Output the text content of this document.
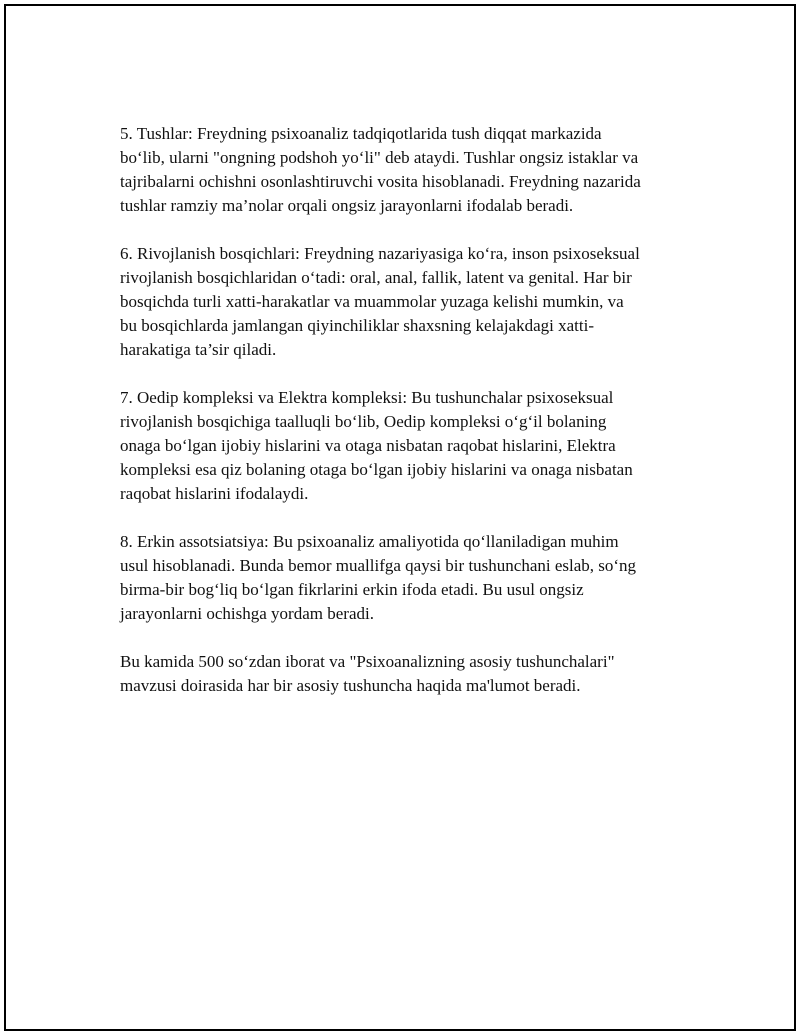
5. Tushlar: Freydning psixoanaliz tadqiqotlarida tush diqqat markazida
bo‘lib, ularni "ongning podshoh yo‘li" deb ataydi. Tushlar ongsiz istaklar va
tajribalarni ochishni osonlashtiruvchi vosita hisoblanadi. Freydning nazarida
tushlar ramziy ma’nolar orqali ongsiz jarayonlarni ifodalab beradi.

6. Rivojlanish bosqichlari: Freydning nazariyasiga ko‘ra, inson psixoseksual
rivojlanish bosqichlaridan o‘tadi: oral, anal, fallik, latent va genital. Har bir
bosqichda turli xatti-harakatlar va muammolar yuzaga kelishi mumkin, va
bu bosqichlarda jamlangan qiyinchiliklar shaxsning kelajakdagi xatti-
harakatiga ta’sir qiladi.

7. Oedip kompleksi va Elektra kompleksi: Bu tushunchalar psixoseksual
rivojlanish bosqichiga taalluqli bo‘lib, Oedip kompleksi o‘g‘il bolaning
onaga bo‘lgan ijobiy hislarini va otaga nisbatan raqobat hislarini, Elektra
kompleksi esa qiz bolaning otaga bo‘lgan ijobiy hislarini va onaga nisbatan
raqobat hislarini ifodalaydi.

8. Erkin assotsiatsiya: Bu psixoanaliz amaliyotida qo‘llaniladigan muhim
usul hisoblanadi. Bunda bemor muallifga qaysi bir tushunchani eslab, so‘ng
birma-bir bog‘liq bo‘lgan fikrlarini erkin ifoda etadi. Bu usul ongsiz
jarayonlarni ochishga yordam beradi.

Bu kamida 500 so‘zdan iborat va "Psixoanalizning asosiy tushunchalari"
mavzusi doirasida har bir asosiy tushuncha haqida ma'lumot beradi.
